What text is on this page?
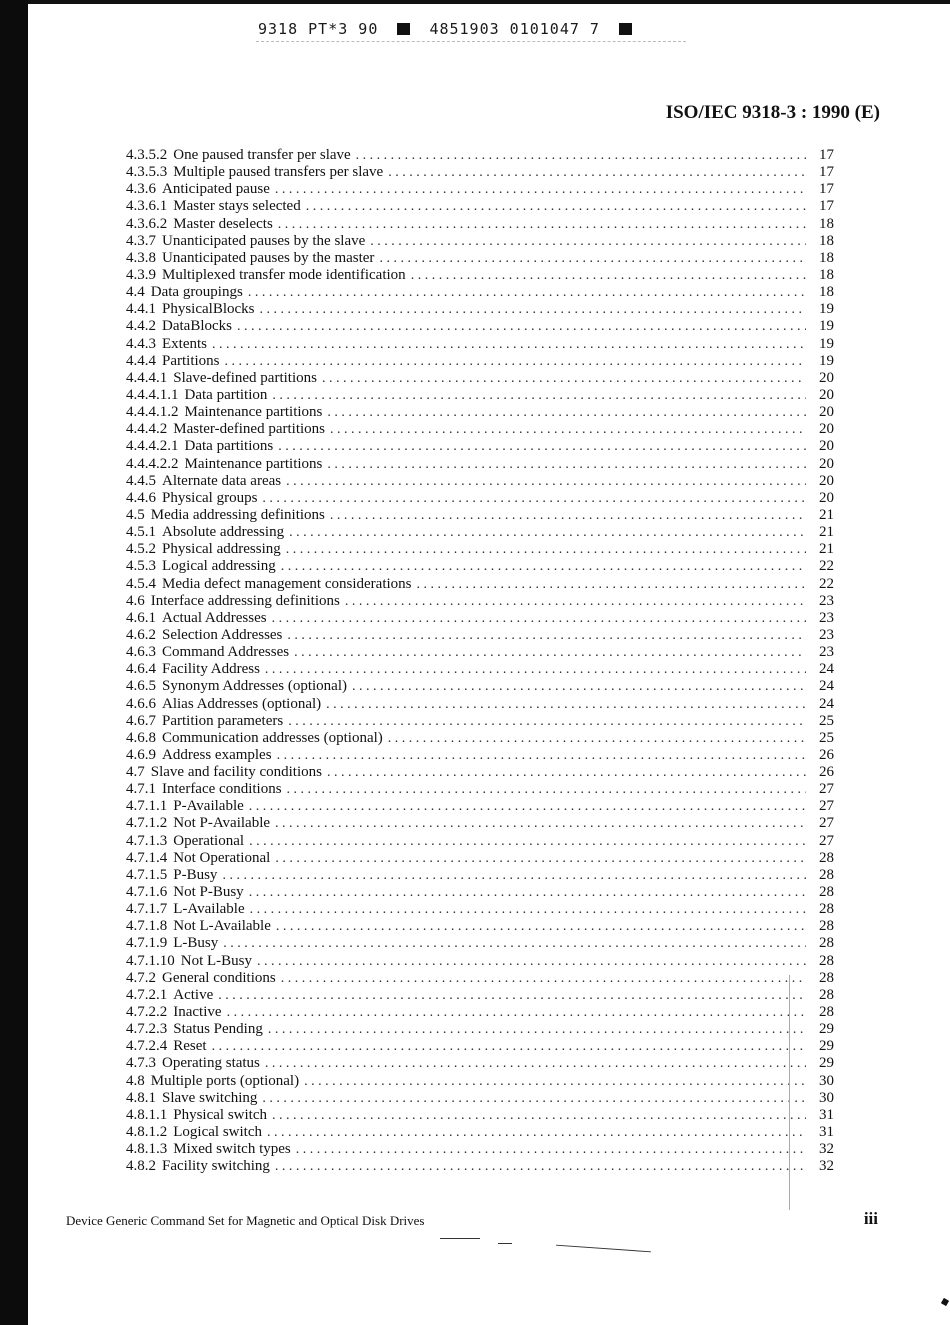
9318 PT*3 90	4851903 0101047 7
ISO/IEC 9318-3 : 1990 (E)
4.3.5.2 One paused transfer per slave . . .	17
4.3.5.3 Multiple paused transfers per slave . . .	17
4.3.6 Anticipated pause . . .	17
4.3.6.1 Master stays selected . . .	17
4.3.6.2 Master deselects . . .	18
4.3.7 Unanticipated pauses by the slave . . .	18
4.3.8 Unanticipated pauses by the master . . .	18
4.3.9 Multiplexed transfer mode identification . . .	18
4.4 Data groupings . . .	18
4.4.1 PhysicalBlocks . . .	19
4.4.2 DataBlocks . . .	19
4.4.3 Extents . . .	19
4.4.4 Partitions . . .	19
4.4.4.1 Slave-defined partitions . . .	20
4.4.4.1.1 Data partition . . .	20
4.4.4.1.2 Maintenance partitions . . .	20
4.4.4.2 Master-defined partitions . . .	20
4.4.4.2.1 Data partitions . . .	20
4.4.4.2.2 Maintenance partitions . . .	20
4.4.5 Alternate data areas . . .	20
4.4.6 Physical groups . . .	20
4.5 Media addressing definitions . . .	21
4.5.1 Absolute addressing . . .	21
4.5.2 Physical addressing . . .	21
4.5.3 Logical addressing . . .	22
4.5.4 Media defect management considerations . . .	22
4.6 Interface addressing definitions . . .	23
4.6.1 Actual Addresses . . .	23
4.6.2 Selection Addresses . . .	23
4.6.3 Command Addresses . . .	23
4.6.4 Facility Address . . .	24
4.6.5 Synonym Addresses (optional) . . .	24
4.6.6 Alias Addresses (optional) . . .	24
4.6.7 Partition parameters . . .	25
4.6.8 Communication addresses (optional) . . .	25
4.6.9 Address examples . . .	26
4.7 Slave and facility conditions . . .	26
4.7.1 Interface conditions . . .	27
4.7.1.1 P-Available . . .	27
4.7.1.2 Not P-Available . . .	27
4.7.1.3 Operational . . .	27
4.7.1.4 Not Operational . . .	28
4.7.1.5 P-Busy . . .	28
4.7.1.6 Not P-Busy . . .	28
4.7.1.7 L-Available . . .	28
4.7.1.8 Not L-Available . . .	28
4.7.1.9 L-Busy . . .	28
4.7.1.10 Not L-Busy . . .	28
4.7.2 General conditions . . .	28
4.7.2.1 Active . . .	28
4.7.2.2 Inactive . . .	28
4.7.2.3 Status Pending . . .	29
4.7.2.4 Reset . . .	29
4.7.3 Operating status . . .	29
4.8 Multiple ports (optional) . . .	30
4.8.1 Slave switching . . .	30
4.8.1.1 Physical switch . . .	31
4.8.1.2 Logical switch . . .	31
4.8.1.3 Mixed switch types . . .	32
4.8.2 Facility switching . . .	32
Device Generic Command Set for Magnetic and Optical Disk Drives	iii
